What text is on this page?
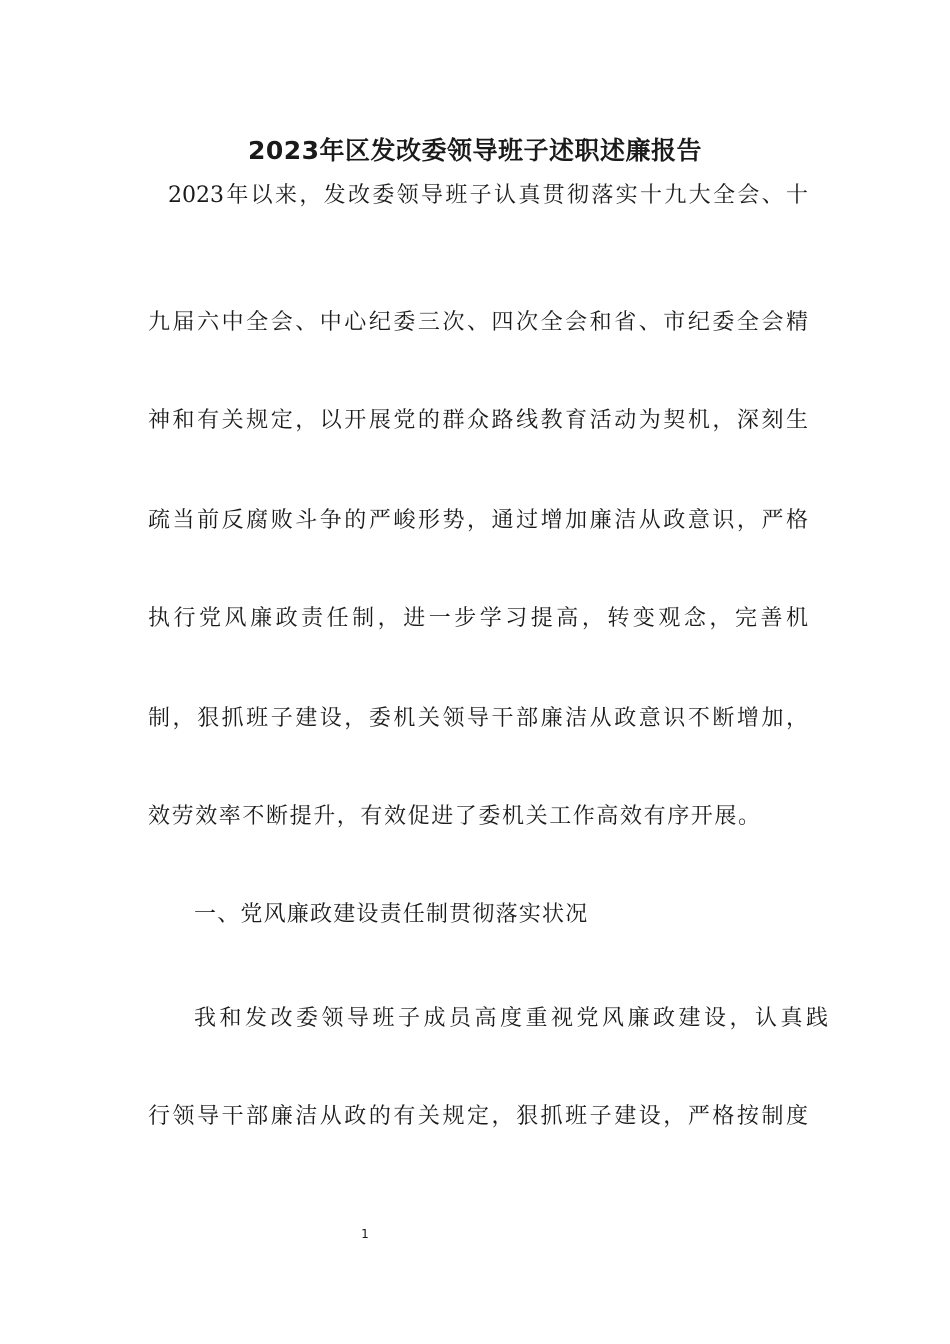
2023年区发改委领导班子述职述廉报告

2023年以来，发改委领导班子认真贯彻落实十九大全会、十

九届六中全会、中心纪委三次、四次全会和省、市纪委全会精

神和有关规定，以开展党的群众路线教育活动为契机，深刻生

疏当前反腐败斗争的严峻形势，通过增加廉洁从政意识，严格

执行党风廉政责任制，进一步学习提高，转变观念，完善机

制，狠抓班子建设，委机关领导干部廉洁从政意识不断增加，

效劳效率不断提升，有效促进了委机关工作高效有序开展。

一、党风廉政建设责任制贯彻落实状况

我和发改委领导班子成员高度重视党风廉政建设，认真践

行领导干部廉洁从政的有关规定，狠抓班子建设，严格按制度

1
